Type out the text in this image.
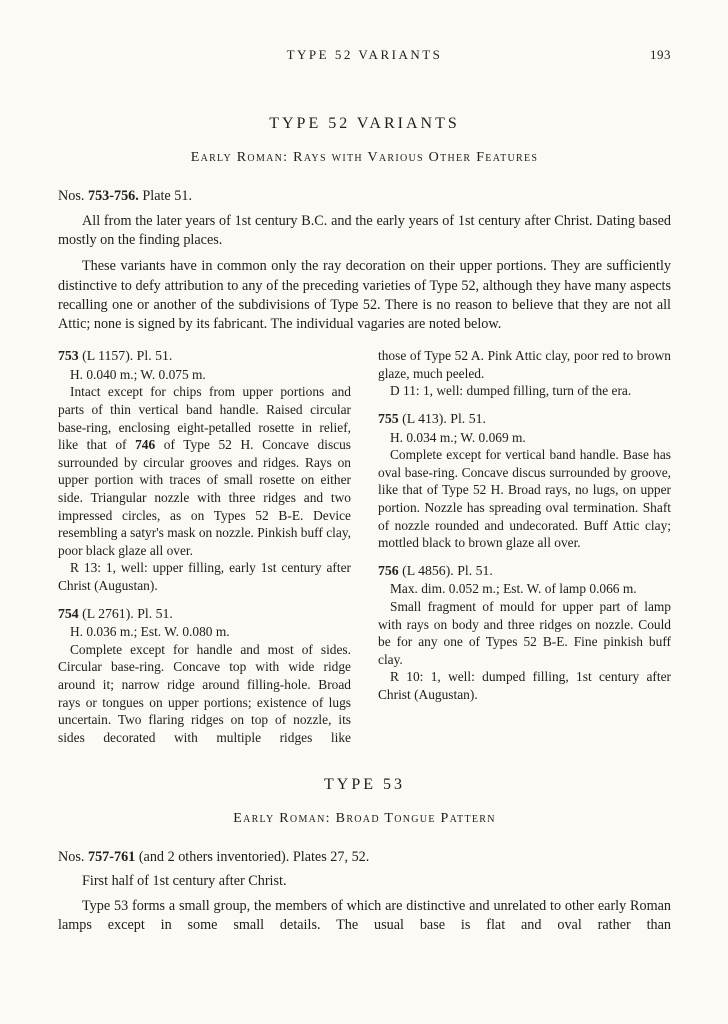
TYPE 52 VARIANTS	193
TYPE 52 VARIANTS
Early Roman: Rays with Various Other Features

Nos. 753-756. Plate 51.

All from the later years of 1st century B.C. and the early years of 1st century after Christ. Dating based mostly on the finding places.

These variants have in common only the ray decoration on their upper portions. They are sufficiently distinctive to defy attribution to any of the preceding varieties of Type 52, although they have many aspects recalling one or another of the subdivisions of Type 52. There is no reason to believe that they are not all Attic; none is signed by its fabricant. The individual vagaries are noted below.

753 (L 1157). Pl. 51.

H. 0.040 m.; W. 0.075 m.

Intact except for chips from upper portions and parts of thin vertical band handle. Raised circular base-ring, enclosing eight-petalled rosette in relief, like that of 746 of Type 52 H. Concave discus surrounded by circular grooves and ridges. Rays on upper portion with traces of small rosette on either side. Triangular nozzle with three ridges and two impressed circles, as on Types 52 B-E. Device resembling a satyr's mask on nozzle. Pinkish buff clay, poor black glaze all over.

R 13: 1, well: upper filling, early 1st century after Christ (Augustan).

754 (L 2761). Pl. 51.

H. 0.036 m.; Est. W. 0.080 m.

Complete except for handle and most of sides. Circular base-ring. Concave top with wide ridge around it; narrow ridge around filling-hole. Broad rays or tongues on upper portions; existence of lugs uncertain. Two flaring ridges on top of nozzle, its sides decorated with multiple ridges like

those of Type 52 A. Pink Attic clay, poor red to brown glaze, much peeled.

D 11: 1, well: dumped filling, turn of the era.

755 (L 413). Pl. 51.

H. 0.034 m.; W. 0.069 m.

Complete except for vertical band handle. Base has oval base-ring. Concave discus surrounded by groove, like that of Type 52 H. Broad rays, no lugs, on upper portion. Nozzle has spreading oval termination. Shaft of nozzle rounded and undecorated. Buff Attic clay; mottled black to brown glaze all over.

756 (L 4856). Pl. 51.

Max. dim. 0.052 m.; Est. W. of lamp 0.066 m.

Small fragment of mould for upper part of lamp with rays on body and three ridges on nozzle. Could be for any one of Types 52 B-E. Fine pinkish buff clay.

R 10: 1, well: dumped filling, 1st century after Christ (Augustan).

TYPE 53
Early Roman: Broad Tongue Pattern

Nos. 757-761 (and 2 others inventoried). Plates 27, 52.

First half of 1st century after Christ.

Type 53 forms a small group, the members of which are distinctive and unrelated to other early Roman lamps except in some small details. The usual base is flat and oval rather than
